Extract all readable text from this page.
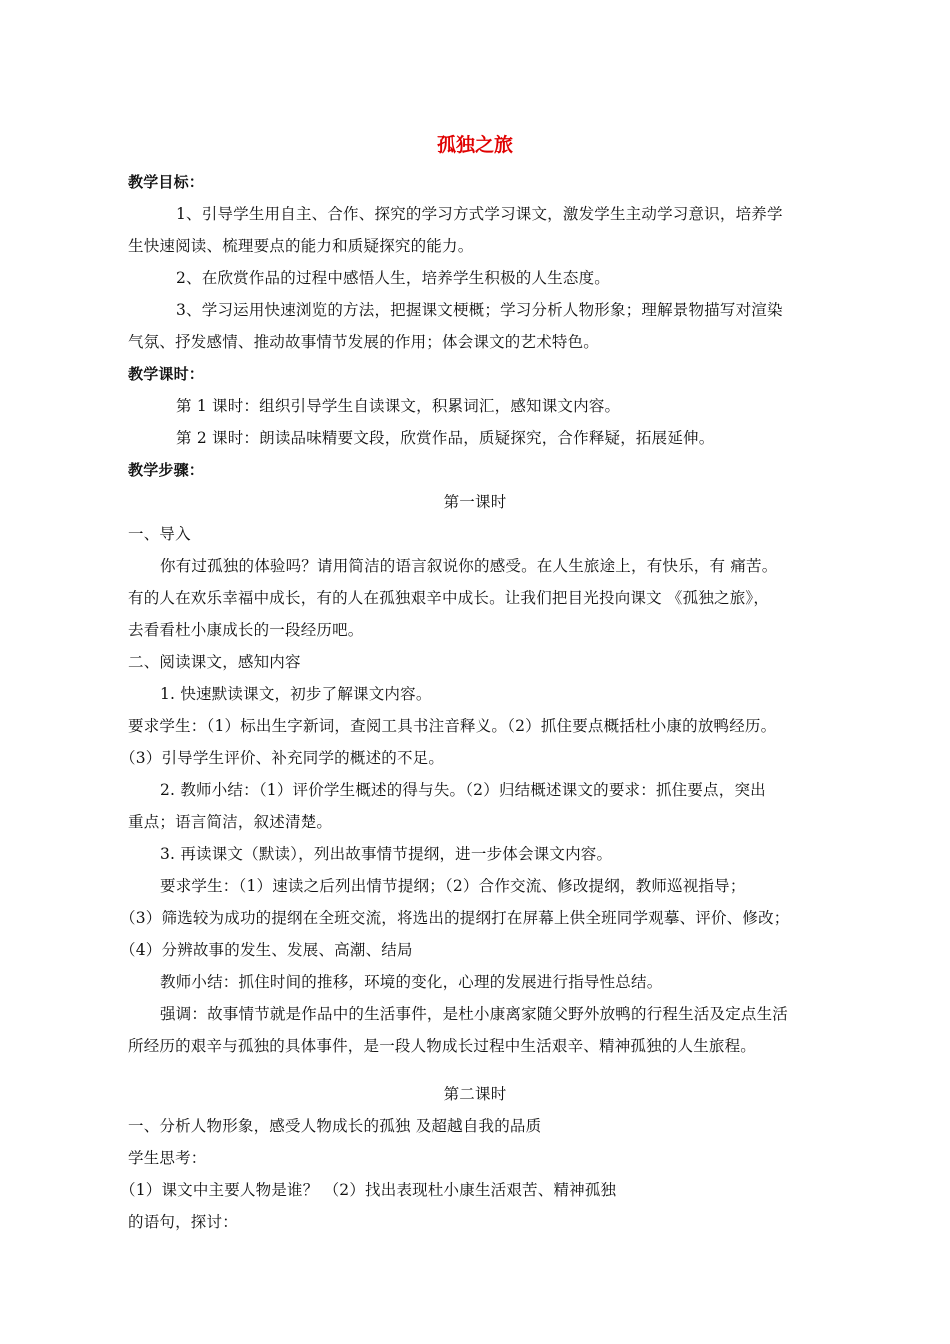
孤独之旅
教学目标：
1、引导学生用自主、合作、探究的学习方式学习课文，激发学生主动学习意识，培养学
生快速阅读、梳理要点的能力和质疑探究的能力。
2、在欣赏作品的过程中感悟人生，培养学生积极的人生态度。
3、学习运用快速浏览的方法，把握课文梗概；学习分析人物形象；理解景物描写对渲染
气氛、抒发感情、推动故事情节发展的作用；体会课文的艺术特色。
教学课时：
第 1 课时：组织引导学生自读课文，积累词汇，感知课文内容。
第 2 课时：朗读品味精要文段，欣赏作品，质疑探究，合作释疑，拓展延伸。
教学步骤：
第一课时
一、导入
你有过孤独的体验吗？请用简洁的语言叙说你的感受。在人生旅途上，有快乐，有 痛苦。
有的人在欢乐幸福中成长，有的人在孤独艰辛中成长。让我们把目光投向课文 《孤独之旅》，
去看看杜小康成长的一段经历吧。
二、阅读课文，感知内容
1. 快速默读课文，初步了解课文内容。
要求学生：（1）标出生字新词，查阅工具书注音释义。（2）抓住要点概括杜小康的放鸭经历。
（3）引导学生评价、补充同学的概述的不足。
2. 教师小结：（1）评价学生概述的得与失。（2）归结概述课文的要求：抓住要点，突出
重点；语言简洁，叙述清楚。
3. 再读课文（默读），列出故事情节提纲，进一步体会课文内容。
要求学生：（1）速读之后列出情节提纲；（2）合作交流、修改提纲，教师巡视指导；
（3）筛选较为成功的提纲在全班交流，将选出的提纲打在屏幕上供全班同学观摹、评价、修改；
（4）分辨故事的发生、发展、高潮、结局
教师小结：抓住时间的推移，环境的变化，心理的发展进行指导性总结。
强调：故事情节就是作品中的生活事件，是杜小康离家随父野外放鸭的行程生活及定点生活
所经历的艰辛与孤独的具体事件，是一段人物成长过程中生活艰辛、精神孤独的人生旅程。
第二课时
一、分析人物形象，感受人物成长的孤独 及超越自我的品质
学生思考：
（1）课文中主要人物是谁？ （2）找出表现杜小康生活艰苦、精神孤独
的语句，探讨：
